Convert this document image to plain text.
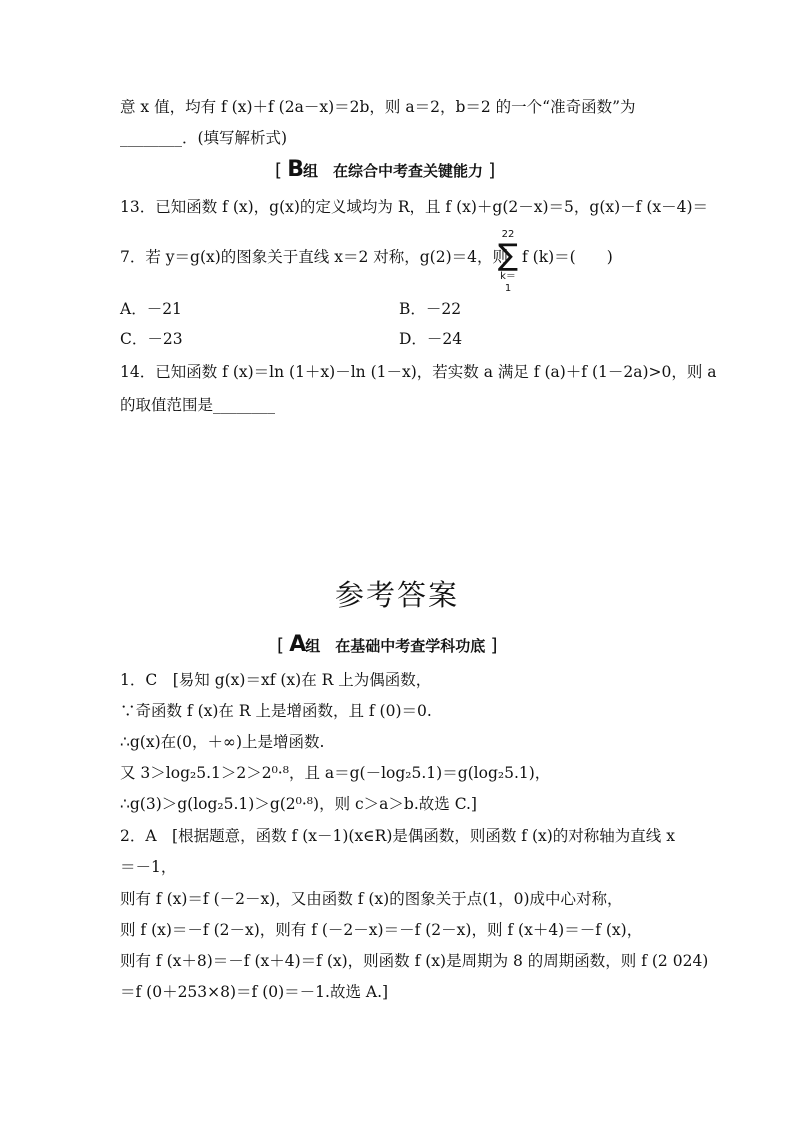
意 x 值，均有 f (x)＋f (2a－x)＝2b，则 a＝2，b＝2 的一个“准奇函数”为
________．(填写解析式)
[ B组　在综合中考查关键能力 ]
13．已知函数 f (x)，g(x)的定义域均为 R，且 f (x)＋g(2－x)＝5，g(x)－f (x－4)＝
7．若 y＝g(x)的图象关于直线 x＝2 对称，g(2)＝4，则
22
∑
k＝1
f (k)＝(　　)
A．－21	B．－22
C．－23	D．－24
14．已知函数 f (x)＝ln (1＋x)－ln (1－x)，若实数 a 满足 f (a)＋f (1－2a)>0，则 a
的取值范围是________
参考答案
[ A组　在基础中考查学科功底 ]
1．C　[易知 g(x)＝xf (x)在 R 上为偶函数，
∵奇函数 f (x)在 R 上是增函数，且 f (0)＝0.
∴g(x)在(0，＋∞)上是增函数.
又 3＞log₂5.1＞2＞2⁰·⁸，且 a＝g(－log₂5.1)＝g(log₂5.1)，
∴g(3)＞g(log₂5.1)＞g(2⁰·⁸)，则 c＞a＞b.故选 C.]
2．A　[根据题意，函数 f (x－1)(x∈R)是偶函数，则函数 f (x)的对称轴为直线 x
＝－1，
则有 f (x)＝f (－2－x)，又由函数 f (x)的图象关于点(1，0)成中心对称，
则 f (x)＝－f (2－x)，则有 f (－2－x)＝－f (2－x)，则 f (x＋4)＝－f (x)，
则有 f (x＋8)＝－f (x＋4)＝f (x)，则函数 f (x)是周期为 8 的周期函数，则 f (2 024)
＝f (0＋253×8)＝f (0)＝－1.故选 A.]
